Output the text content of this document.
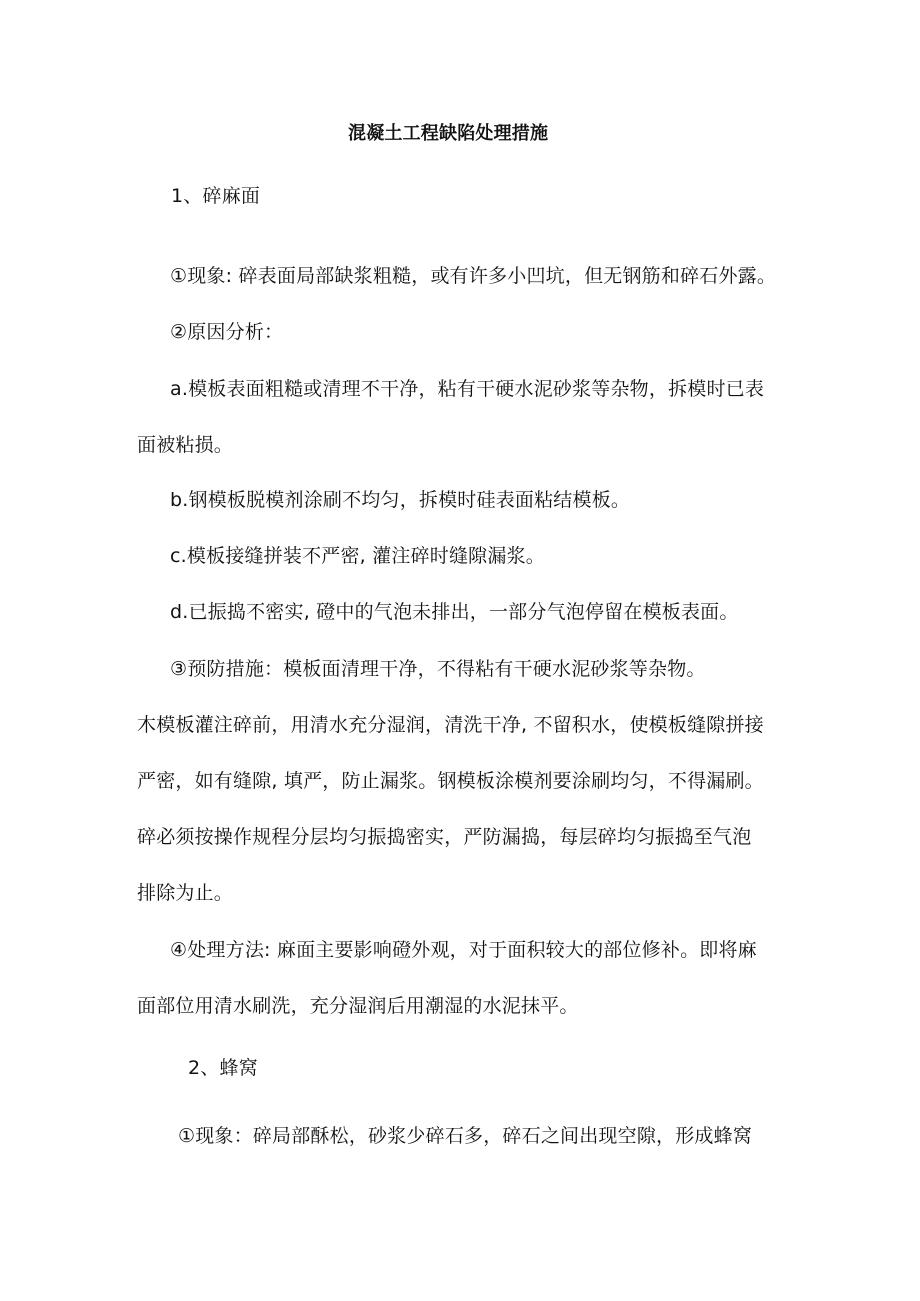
混凝土工程缺陷处理措施
1、碎麻面
①现象: 碎表面局部缺浆粗糙，或有许多小凹坑，但无钢筋和碎石外露。
②原因分析：
a.模板表面粗糙或清理不干净，粘有干硬水泥砂浆等杂物，拆模时已表
面被粘损。
b.钢模板脱模剂涂刷不均匀，拆模时硅表面粘结模板。
c.模板接缝拼装不严密, 灌注碎时缝隙漏浆。
d.已振捣不密实, 磴中的气泡未排出，一部分气泡停留在模板表面。
③预防措施：模板面清理干净，不得粘有干硬水泥砂浆等杂物。
木模板灌注碎前，用清水充分湿润，清洗干净, 不留积水，使模板缝隙拼接
严密，如有缝隙, 填严，防止漏浆。钢模板涂模剂要涂刷均匀，不得漏刷。
碎必须按操作规程分层均匀振捣密实，严防漏捣，每层碎均匀振捣至气泡
排除为止。
④处理方法: 麻面主要影响磴外观，对于面积较大的部位修补。即将麻
面部位用清水刷洗，充分湿润后用潮湿的水泥抹平。
2、蜂窝
①现象：碎局部酥松，砂浆少碎石多，碎石之间出现空隙，形成蜂窝
